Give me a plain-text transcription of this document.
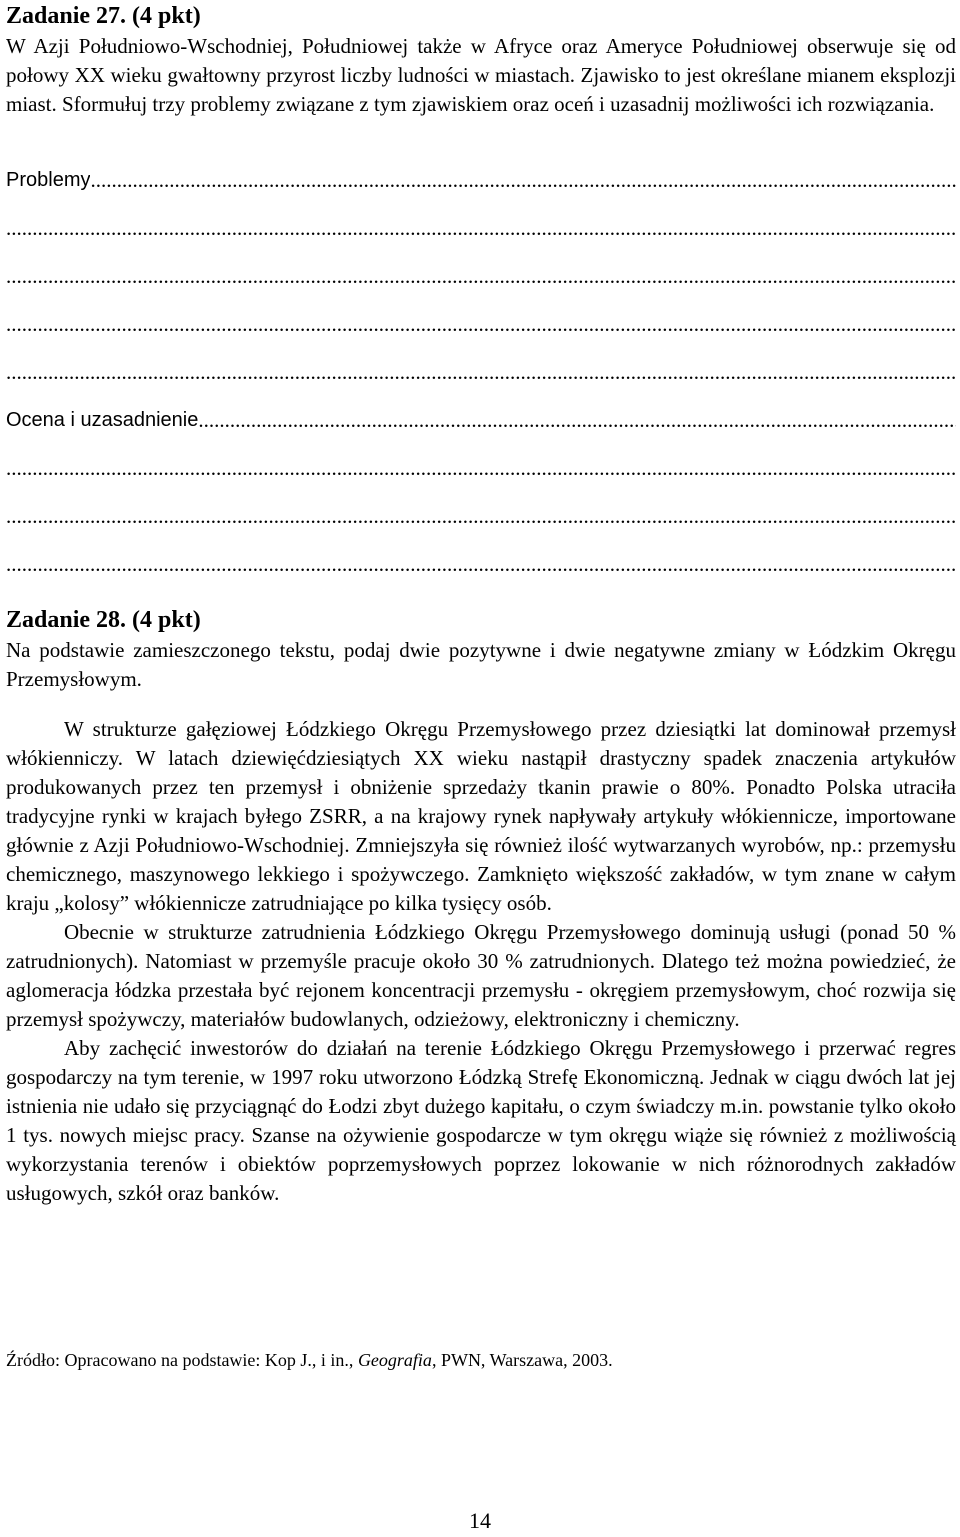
Zadanie 27. (4 pkt)

W Azji Południowo-Wschodniej, Południowej także w Afryce oraz Ameryce Południowej obserwuje się od połowy XX wieku gwałtowny przyrost liczby ludności w miastach. Zjawisko to jest określane mianem eksplozji miast. Sformułuj trzy problemy związane z tym zjawiskiem oraz oceń i uzasadnij możliwości ich rozwiązania.

Problemy
.....
.....
.....
.....
.....
Ocena i uzasadnienie
.....
.....
.....
.....
Zadanie 28. (4 pkt)

Na podstawie zamieszczonego tekstu, podaj dwie pozytywne i dwie negatywne zmiany w Łódzkim Okręgu Przemysłowym.

W strukturze gałęziowej Łódzkiego Okręgu Przemysłowego przez dziesiątki lat dominował przemysł włókienniczy. W latach dziewięćdziesiątych XX wieku nastąpił drastyczny spadek znaczenia artykułów produkowanych przez ten przemysł i obniżenie sprzedaży tkanin prawie o 80%. Ponadto Polska utraciła tradycyjne rynki w krajach byłego ZSRR, a na krajowy rynek napływały artykuły włókiennicze, importowane głównie z Azji Południowo-Wschodniej. Zmniejszyła się również ilość wytwarzanych wyrobów, np.: przemysłu chemicznego, maszynowego lekkiego i spożywczego. Zamknięto większość zakładów, w tym znane w całym kraju „kolosy” włókiennicze zatrudniające po kilka tysięcy osób.

Obecnie w strukturze zatrudnienia Łódzkiego Okręgu Przemysłowego dominują usługi (ponad 50 % zatrudnionych). Natomiast w przemyśle pracuje około 30 % zatrudnionych. Dlatego też można powiedzieć, że aglomeracja łódzka przestała być rejonem koncentracji przemysłu - okręgiem przemysłowym, choć rozwija się przemysł spożywczy, materiałów budowlanych, odzieżowy, elektroniczny i chemiczny.

Aby zachęcić inwestorów do działań na terenie Łódzkiego Okręgu Przemysłowego i przerwać regres gospodarczy na tym terenie, w 1997 roku utworzono Łódzką Strefę Ekonomiczną. Jednak w ciągu dwóch lat jej istnienia nie udało się przyciągnąć do Łodzi zbyt dużego kapitału, o czym świadczy m.in. powstanie tylko około 1 tys. nowych miejsc pracy. Szanse na ożywienie gospodarcze w tym okręgu wiąże się również z możliwością wykorzystania terenów i obiektów poprzemysłowych poprzez lokowanie w nich różnorodnych zakładów usługowych, szkół oraz banków.

Źródło: Opracowano na podstawie: Kop J., i in., Geografia, PWN, Warszawa, 2003.

14
